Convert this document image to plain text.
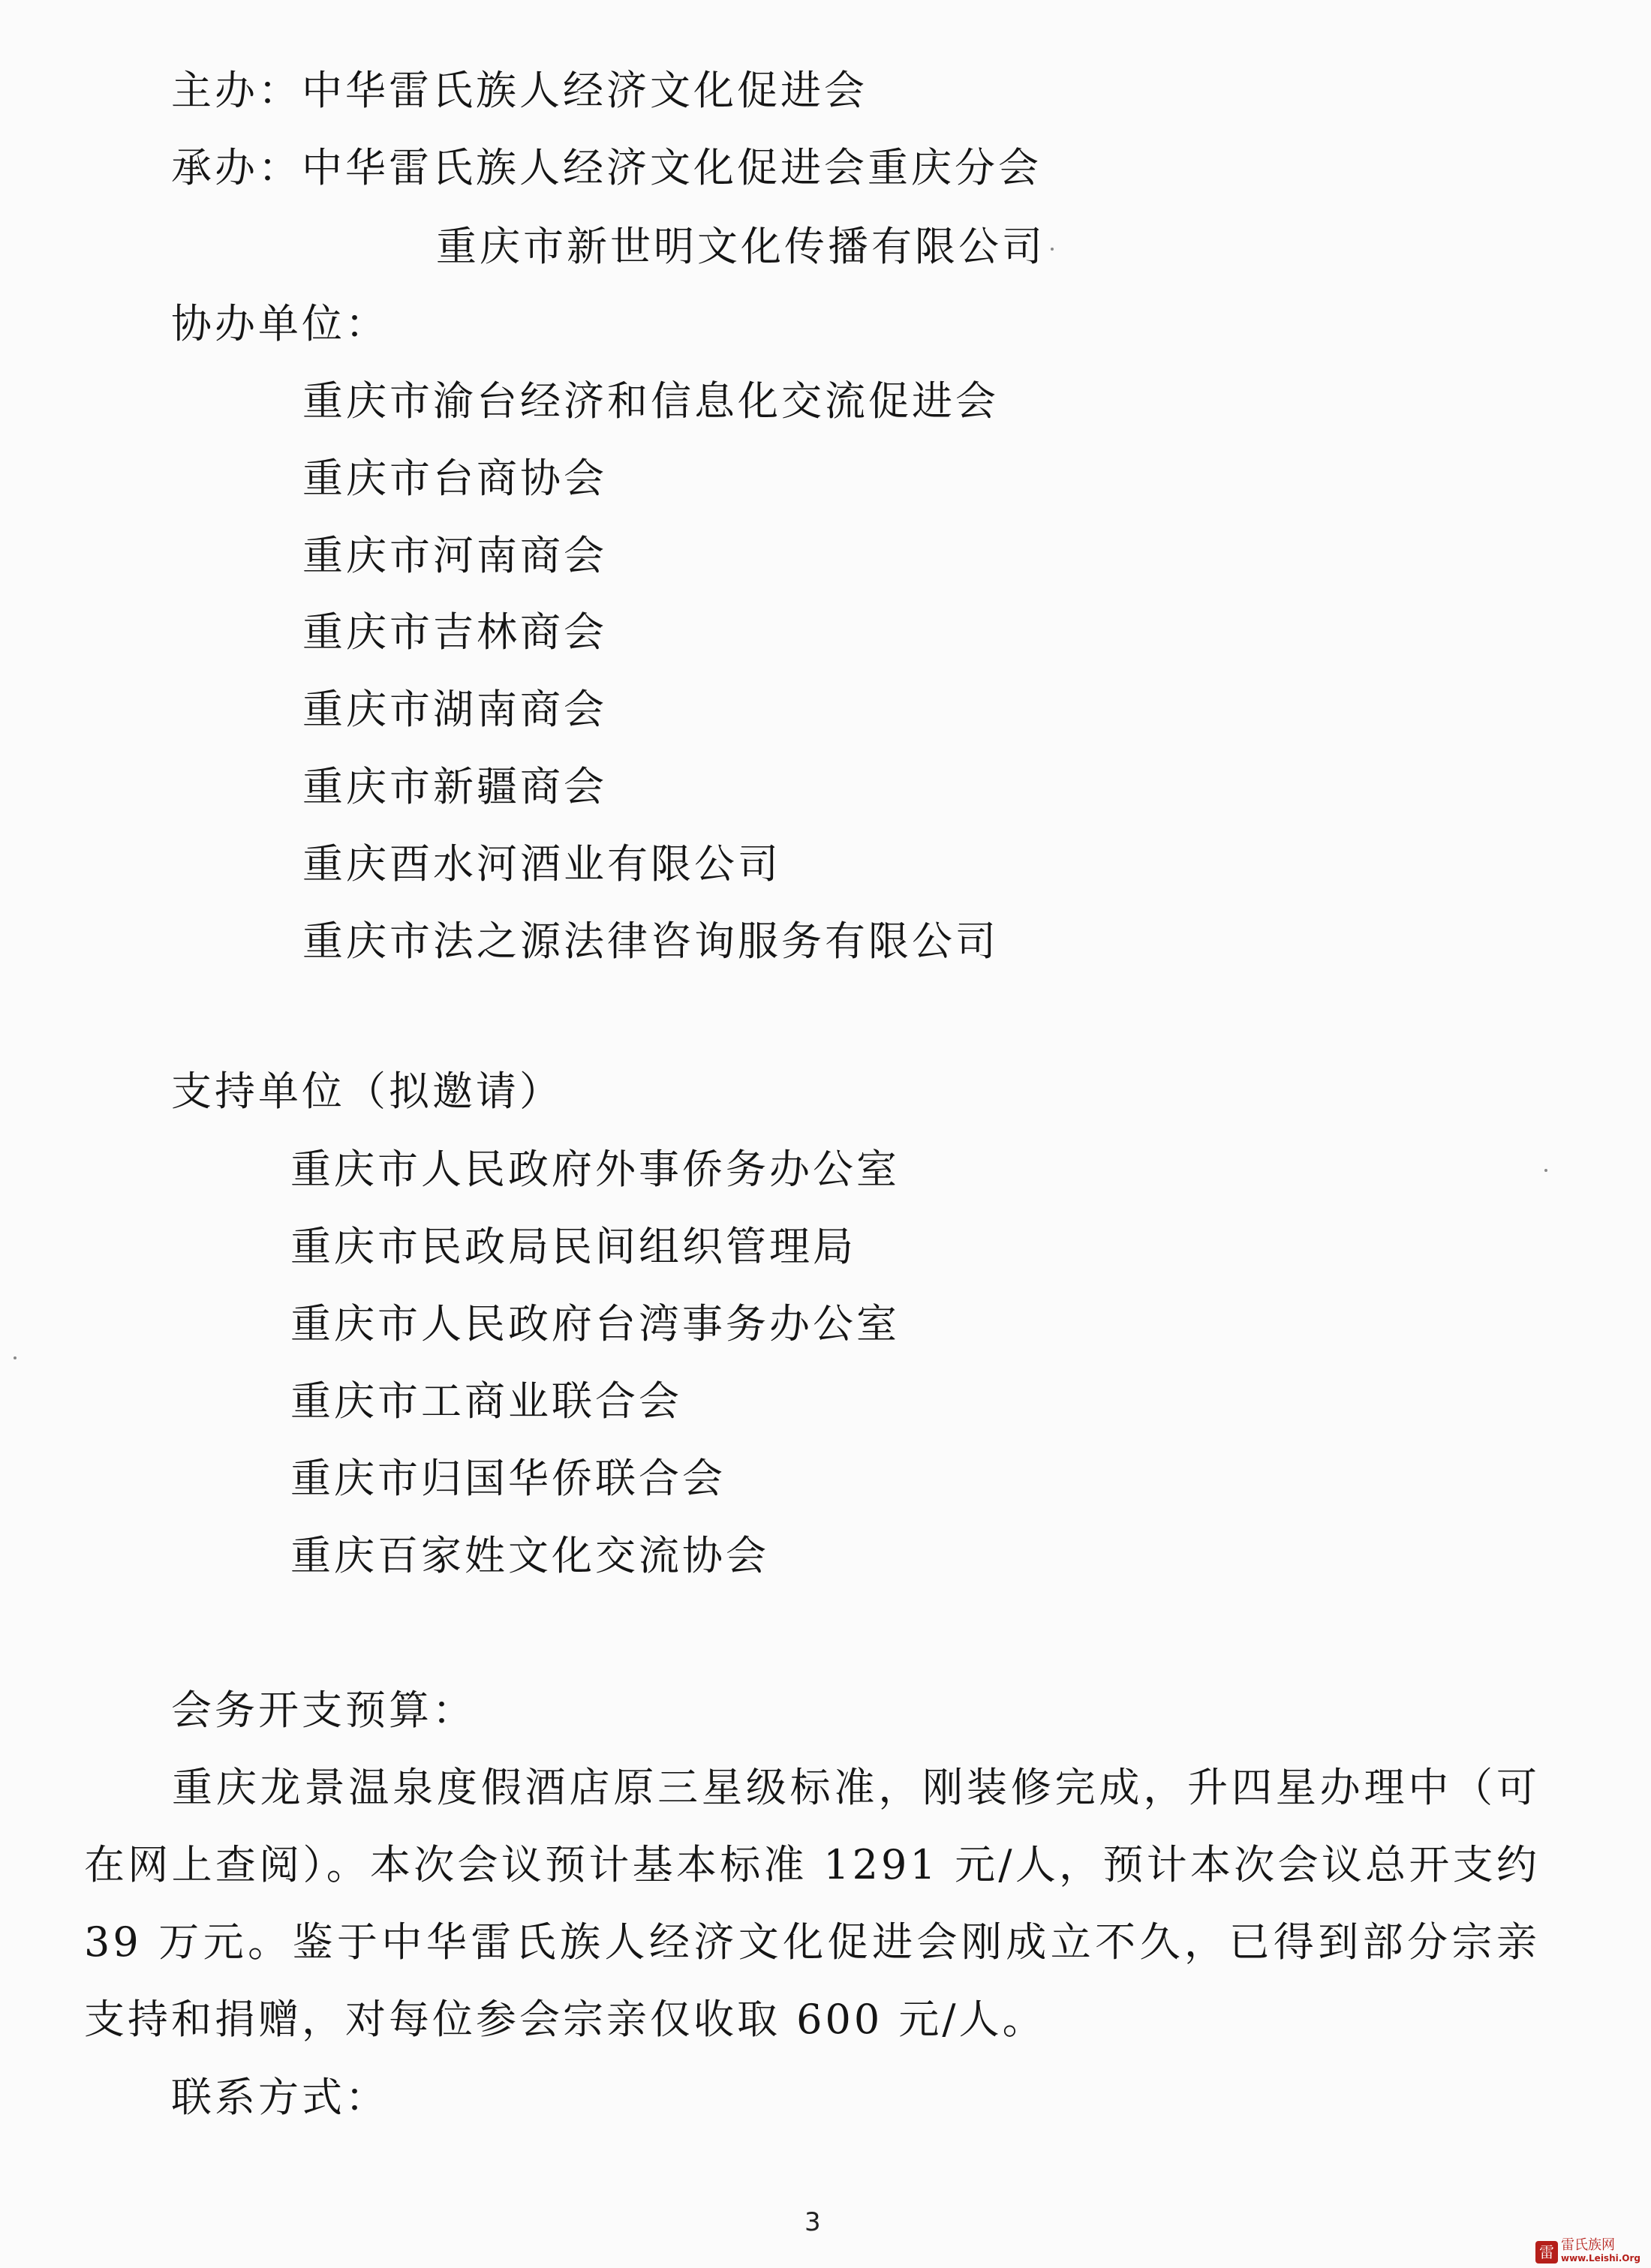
主办：中华雷氏族人经济文化促进会
承办：中华雷氏族人经济文化促进会重庆分会
重庆市新世明文化传播有限公司
协办单位：
重庆市渝台经济和信息化交流促进会
重庆市台商协会
重庆市河南商会
重庆市吉林商会
重庆市湖南商会
重庆市新疆商会
重庆酉水河酒业有限公司
重庆市法之源法律咨询服务有限公司
支持单位（拟邀请）
重庆市人民政府外事侨务办公室
重庆市民政局民间组织管理局
重庆市人民政府台湾事务办公室
重庆市工商业联合会
重庆市归国华侨联合会
重庆百家姓文化交流协会
会务开支预算：

重庆龙景温泉度假酒店原三星级标准，刚装修完成，升四星办理中（可在网上查阅）。本次会议预计基本标准 1291 元/人，预计本次会议总开支约 39 万元。鉴于中华雷氏族人经济文化促进会刚成立不久，已得到部分宗亲支持和捐赠，对每位参会宗亲仅收取 600 元/人。

联系方式：
3
雷 雷氏族网
www.Leishi.Org
